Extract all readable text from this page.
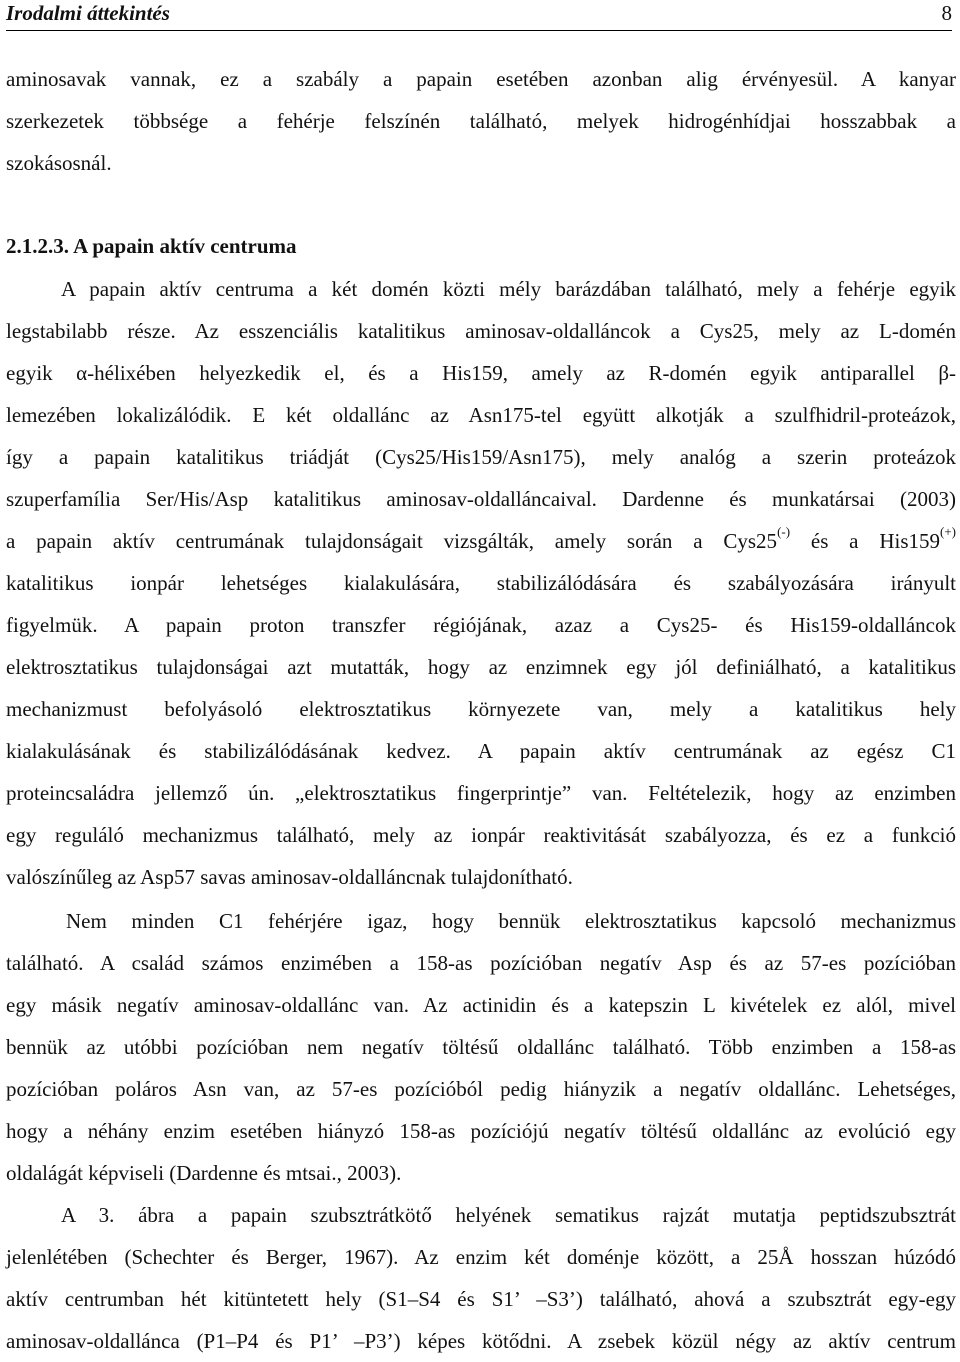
Irodalmi áttekintés	8
aminosavak vannak, ez a szabály a papain esetében azonban alig érvényesül. A kanyar
szerkezetek többsége a fehérje felszínén található, melyek hidrogénhídjai hosszabbak a
szokásosnál.
2.1.2.3. A papain aktív centruma
A papain aktív centruma a két domén közti mély barázdában található, mely a fehérje egyik
legstabilabb része. Az esszenciális katalitikus aminosav-oldalláncok a Cys25, mely az L-domén
egyik α-hélixében helyezkedik el, és a His159, amely az R-domén egyik antiparallel β-
lemezében lokalizálódik. E két oldallánc az Asn175-tel együtt alkotják a szulfhidril-proteázok,
így a papain katalitikus triádját (Cys25/His159/Asn175), mely analóg a szerin proteázok
szuperfamília Ser/His/Asp katalitikus aminosav-oldalláncaival. Dardenne és munkatársai (2003)
a papain aktív centrumának tulajdonságait vizsgálták, amely során a Cys25(-) és a His159(+)
katalitikus ionpár lehetséges kialakulására, stabilizálódására és szabályozására irányult
figyelmük. A papain proton transzfer régiójának, azaz a Cys25- és His159-oldalláncok
elektrosztatikus tulajdonságai azt mutatták, hogy az enzimnek egy jól definiálható, a katalitikus
mechanizmust befolyásoló elektrosztatikus környezete van, mely a katalitikus hely
kialakulásának és stabilizálódásának kedvez. A papain aktív centrumának az egész C1
proteincsaládra jellemző ún. „elektrosztatikus fingerprintje” van. Feltételezik, hogy az enzimben
egy reguláló mechanizmus található, mely az ionpár reaktivitását szabályozza, és ez a funkció
valószínűleg az Asp57 savas aminosav-oldalláncnak tulajdonítható.
Nem minden C1 fehérjére igaz, hogy bennük elektrosztatikus kapcsoló mechanizmus
található. A család számos enzimében a 158-as pozícióban negatív Asp és az 57-es pozícióban
egy másik negatív aminosav-oldallánc van. Az actinidin és a katepszin L kivételek ez alól, mivel
bennük az utóbbi pozícióban nem negatív töltésű oldallánc található. Több enzimben a 158-as
pozícióban poláros Asn van, az 57-es pozícióból pedig hiányzik a negatív oldallánc. Lehetséges,
hogy a néhány enzim esetében hiányzó 158-as pozíciójú negatív töltésű oldallánc az evolúció egy
oldalágát képviseli (Dardenne és mtsai., 2003).
A 3. ábra a papain szubsztrátkötő helyének sematikus rajzát mutatja peptidszubsztrát
jelenlétében (Schechter és Berger, 1967). Az enzim két doménje között, a 25Å hosszan húzódó
aktív centrumban hét kitüntetett hely (S1–S4 és S1’ –S3’) található, ahová a szubsztrát egy-egy
aminosav-oldallánca (P1–P4 és P1’ –P3’) képes kötődni. A zsebek közül négy az aktív centrum
